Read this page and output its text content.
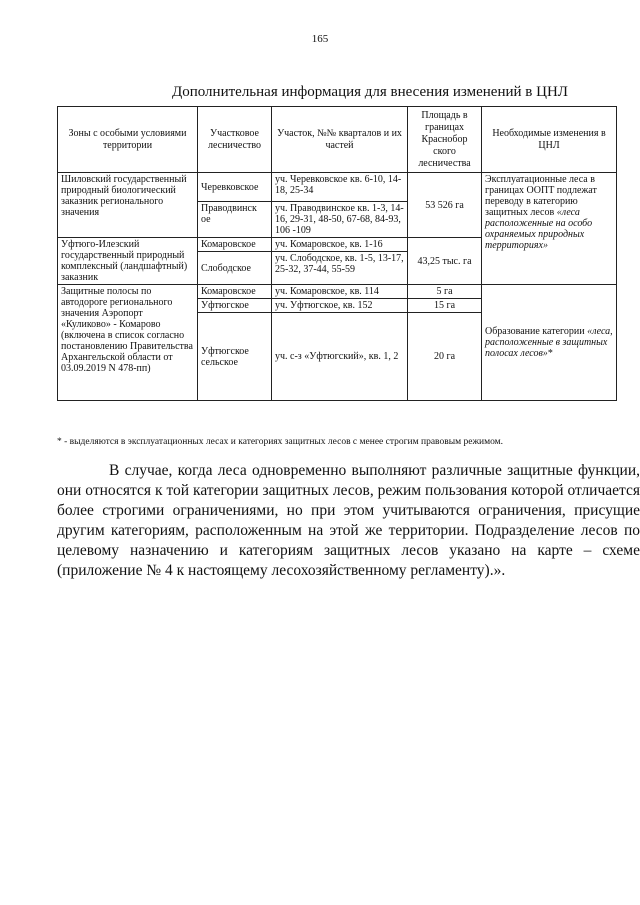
165
Дополнительная информация для внесения изменений в ЦНЛ
Зоны с особыми условиями территории	Участковое лесничество	Участок, №№ кварталов и их частей	Площадь в границах Краснобор ского лесничества	Необходимые изменения в ЦНЛ
Шиловский государственный природный биологический заказник регионального значения	Черевковское	уч. Черевковское кв. 6-10, 14-18, 25-34	53 526 га	Эксплуатационные леса в границах ООПТ подлежат переводу в категорию защитных лесов «леса расположенные на особо охраняемых природных территориях»
	Праводвинск ое	уч. Праводвинское кв. 1-3, 14-16, 29-31, 48-50, 67-68, 84-93, 106 -109		
Уфтюго-Илезский государственный природный комплексный (ландшафтный) заказник	Комаровское	уч. Комаровское, кв. 1-16	43,25 тыс. га	
	Слободское	уч. Слободское, кв. 1-5, 13-17, 25-32, 37-44, 55-59		
Защитные полосы по автодороге регионального значения Аэропорт «Куликово» - Комарово (включена в список согласно постановлению Правительства Архангельской области от 03.09.2019 N 478-пп)	Комаровское	уч. Комаровское, кв. 114	5 га	Образование категории «леса, расположенные в защитных полосах лесов»*
	Уфтюгское	уч. Уфтюгское, кв. 152	15 га	
	Уфтюгское сельское	уч. с-з «Уфтюгский», кв. 1, 2	20 га	
* - выделяются в эксплуатационных лесах и категориях защитных лесов с менее строгим правовым режимом.
В случае, когда леса одновременно выполняют различные защитные функции, они относятся к той категории защитных лесов, режим пользования которой отличается более строгими ограничениями, но при этом учитываются ограничения, присущие другим категориям, расположенным на этой же территории. Подразделение лесов по целевому назначению и категориям защитных лесов указано на карте – схеме (приложение № 4 к настоящему лесохозяйственному регламенту).».
